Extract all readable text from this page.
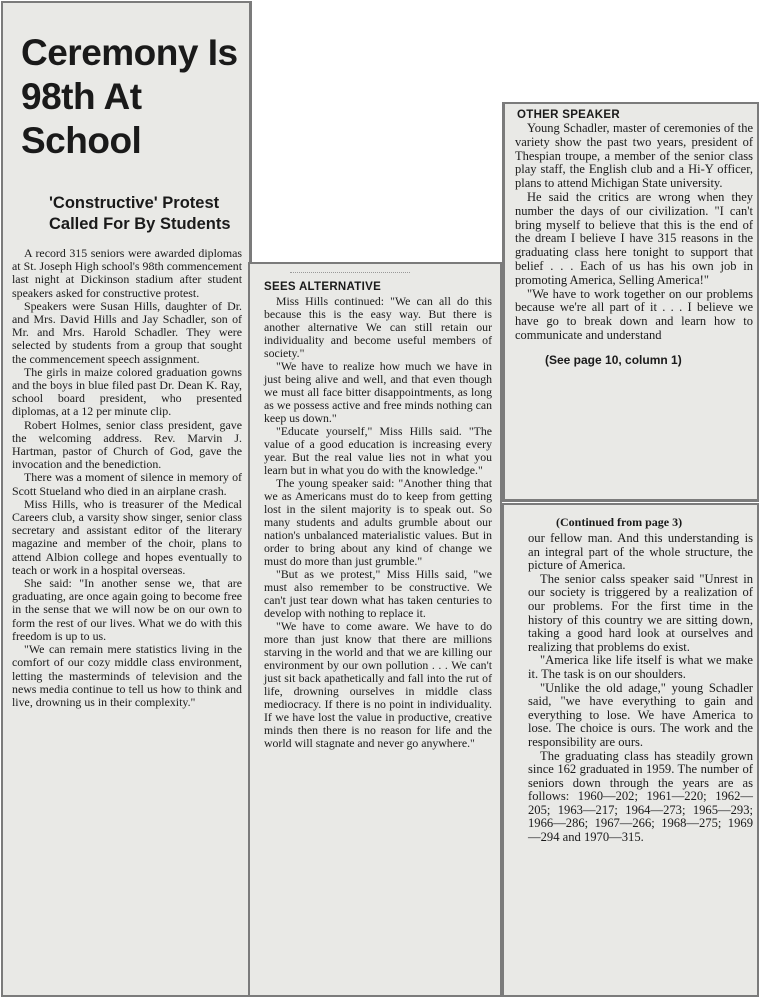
Ceremony Is 98th At School
'Constructive' Protest Called For By Students

A record 315 seniors were awarded diplomas at St. Joseph High school's 98th commencement last night at Dickinson stadium after student speakers asked for constructive protest.

Speakers were Susan Hills, daughter of Dr. and Mrs. David Hills and Jay Schadler, son of Mr. and Mrs. Harold Schadler. They were selected by students from a group that sought the commencement speech assignment.

The girls in maize colored graduation gowns and the boys in blue filed past Dr. Dean K. Ray, school board president, who presented diplomas, at a 12 per minute clip.

Robert Holmes, senior class president, gave the welcoming address. Rev. Marvin J. Hartman, pastor of Church of God, gave the invocation and the benediction.

There was a moment of silence in memory of Scott Stueland who died in an airplane crash.

Miss Hills, who is treasurer of the Medical Careers club, a varsity show singer, senior class secretary and assistant editor of the literary magazine and member of the choir, plans to attend Albion college and hopes eventually to teach or work in a hospital overseas.

She said: "In another sense we, that are graduating, are once again going to become free in the sense that we will now be on our own to form the rest of our lives. What we do with this freedom is up to us.

"We can remain mere statistics living in the comfort of our cozy middle class environment, letting the masterminds of television and the news media continue to tell us how to think and live, drowning us in their complexity."

SEES ALTERNATIVE

Miss Hills continued: "We can all do this because this is the easy way. But there is another alternative We can still retain our individuality and become useful members of society."

"We have to realize how much we have in just being alive and well, and that even though we must all face bitter disappointments, as long as we possess active and free minds nothing can keep us down."

"Educate yourself," Miss Hills said. "The value of a good education is increasing every year. But the real value lies not in what you learn but in what you do with the knowledge."

The young speaker said: "Another thing that we as Americans must do to keep from getting lost in the silent majority is to speak out. So many students and adults grumble about our nation's unbalanced materialistic values. But in order to bring about any kind of change we must do more than just grumble."

"But as we protest," Miss Hills said, "we must also remember to be constructive. We can't just tear down what has taken centuries to develop with nothing to replace it.

"We have to come aware. We have to do more than just know that there are millions starving in the world and that we are killing our environment by our own pollution . . . We can't just sit back apathetically and fall into the rut of life, drowning ourselves in middle class mediocracy. If there is no point in individuality. If we have lost the value in productive, creative minds then there is no reason for life and the world will stagnate and never go anywhere."

OTHER SPEAKER

Young Schadler, master of ceremonies of the variety show the past two years, president of Thespian troupe, a member of the senior class play staff, the English club and a Hi-Y officer, plans to attend Michigan State university.

He said the critics are wrong when they number the days of our civilization. "I can't bring myself to believe that this is the end of the dream I believe I have 315 reasons in the graduating class here tonight to support that belief . . . Each of us has his own job in promoting America, Selling America!"

"We have to work together on our problems because we're all part of it . . . I believe we have go to break down and learn how to communicate and understand

(See page 10, column 1)
(Continued from page 3)

our fellow man. And this understanding is an integral part of the whole structure, the picture of America.

The senior calss speaker said "Unrest in our society is triggered by a realization of our problems. For the first time in the history of this country we are sitting down, taking a good hard look at ourselves and realizing that problems do exist.

"America like life itself is what we make it. The task is on our shoulders.

"Unlike the old adage," young Schadler said, "we have everything to gain and everything to lose. We have America to lose. The choice is ours. The work and the responsibility are ours.

The graduating class has steadily grown since 162 graduated in 1959. The number of seniors down through the years are as follows: 1960—202; 1961—220; 1962—205; 1963—217; 1964—273; 1965—293; 1966—286; 1967—266; 1968—275; 1969—294 and 1970—315.
